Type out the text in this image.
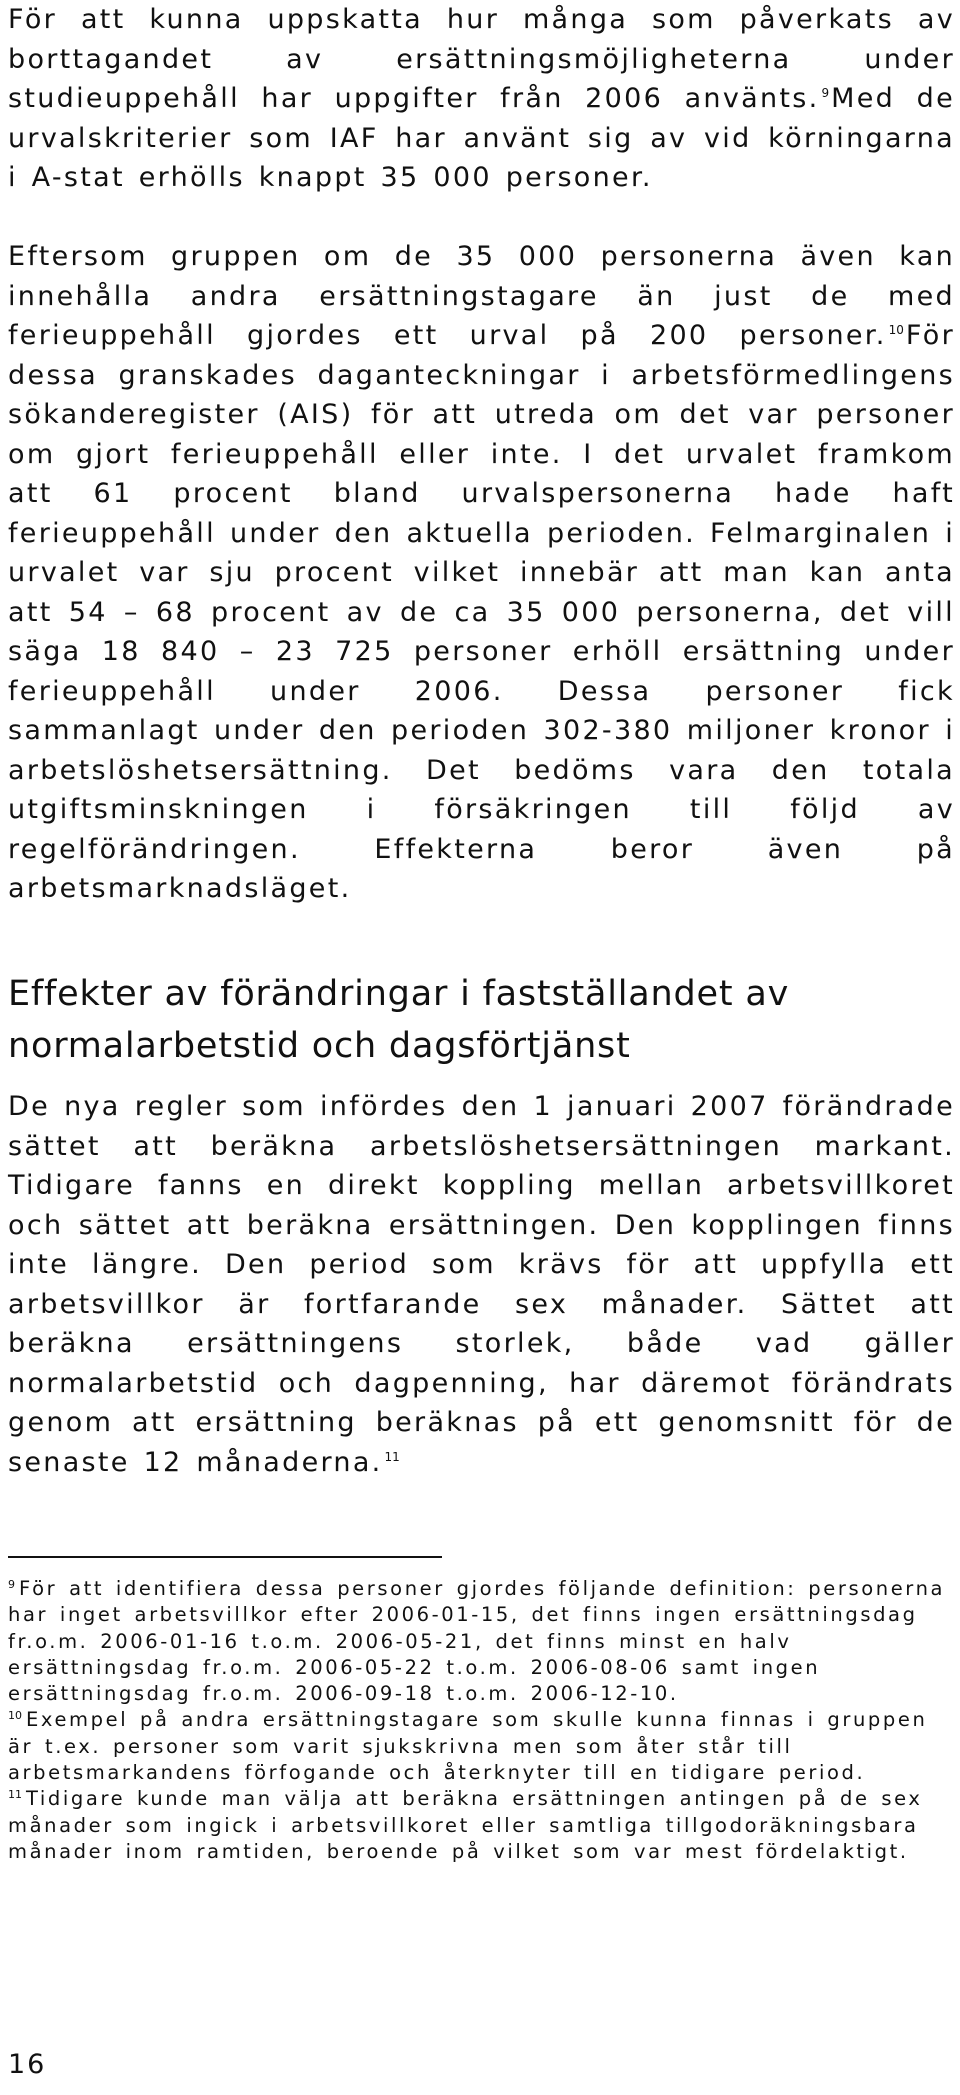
För att kunna uppskatta hur många som påverkats av borttagandet av ersättningsmöjligheterna under studieuppehåll har uppgifter från 2006 använts. $^9$Med de urvalskriterier som IAF har använt sig av vid körningarna i A-stat erhölls knappt 35 000 personer.

Eftersom gruppen om de 35 000 personerna även kan innehålla andra ersättningstagare än just de med ferieuppehåll gjordes ett urval på 200 personer. $^{10}$För dessa granskades daganteckningar i arbetsförmedlingens sökanderegister (AIS) för att utreda om det var personer om gjort ferieuppehåll eller inte. I det urvalet framkom att 61 procent bland urvalspersonerna hade haft ferieuppehåll under den aktuella perioden. Felmarginalen i urvalet var sju procent vilket innebär att man kan anta att 54 – 68 procent av de ca 35 000 personerna, det vill säga 18 840 – 23 725 personer erhöll ersättning under ferieuppehåll under 2006. Dessa personer fick sammanlagt under den perioden 302-380 miljoner kronor i arbetslöshetsersättning. Det bedöms vara den totala utgiftsminskningen i försäkringen till följd av regelförändringen. Effekterna beror även på arbetsmarknadsläget.

Effekter av förändringar i fastställandet av normalarbetstid och dagsförtjänst

De nya regler som infördes den 1 januari 2007 förändrade sättet att beräkna arbetslöshetsersättningen markant. Tidigare fanns en direkt koppling mellan arbetsvillkoret och sättet att beräkna ersättningen. Den kopplingen finns inte längre. Den period som krävs för att uppfylla ett arbetsvillkor är fortfarande sex månader. Sättet att beräkna ersättningens storlek, både vad gäller normalarbetstid och dagpenning, har däremot förändrats genom att ersättning beräknas på ett genomsnitt för de senaste 12 månaderna. $^{11}$

$^9$ För att identifiera dessa personer gjordes följande definition: personerna har inget arbetsvillkor efter 2006-01-15, det finns ingen ersättningsdag fr.o.m. 2006-01-16 t.o.m. 2006-05-21, det finns minst en halv ersättningsdag fr.o.m. 2006-05-22 t.o.m. 2006-08-06 samt ingen ersättningsdag fr.o.m. 2006-09-18 t.o.m. 2006-12-10.

$^{10}$ Exempel på andra ersättningstagare som skulle kunna finnas i gruppen är t.ex. personer som varit sjukskrivna men som åter står till arbetsmarkandens förfogande och återknyter till en tidigare period.

$^{11}$ Tidigare kunde man välja att beräkna ersättningen antingen på de sex månader som ingick i arbetsvillkoret eller samtliga tillgodoräkningsbara månader inom ramtiden, beroende på vilket som var mest fördelaktigt.

16
